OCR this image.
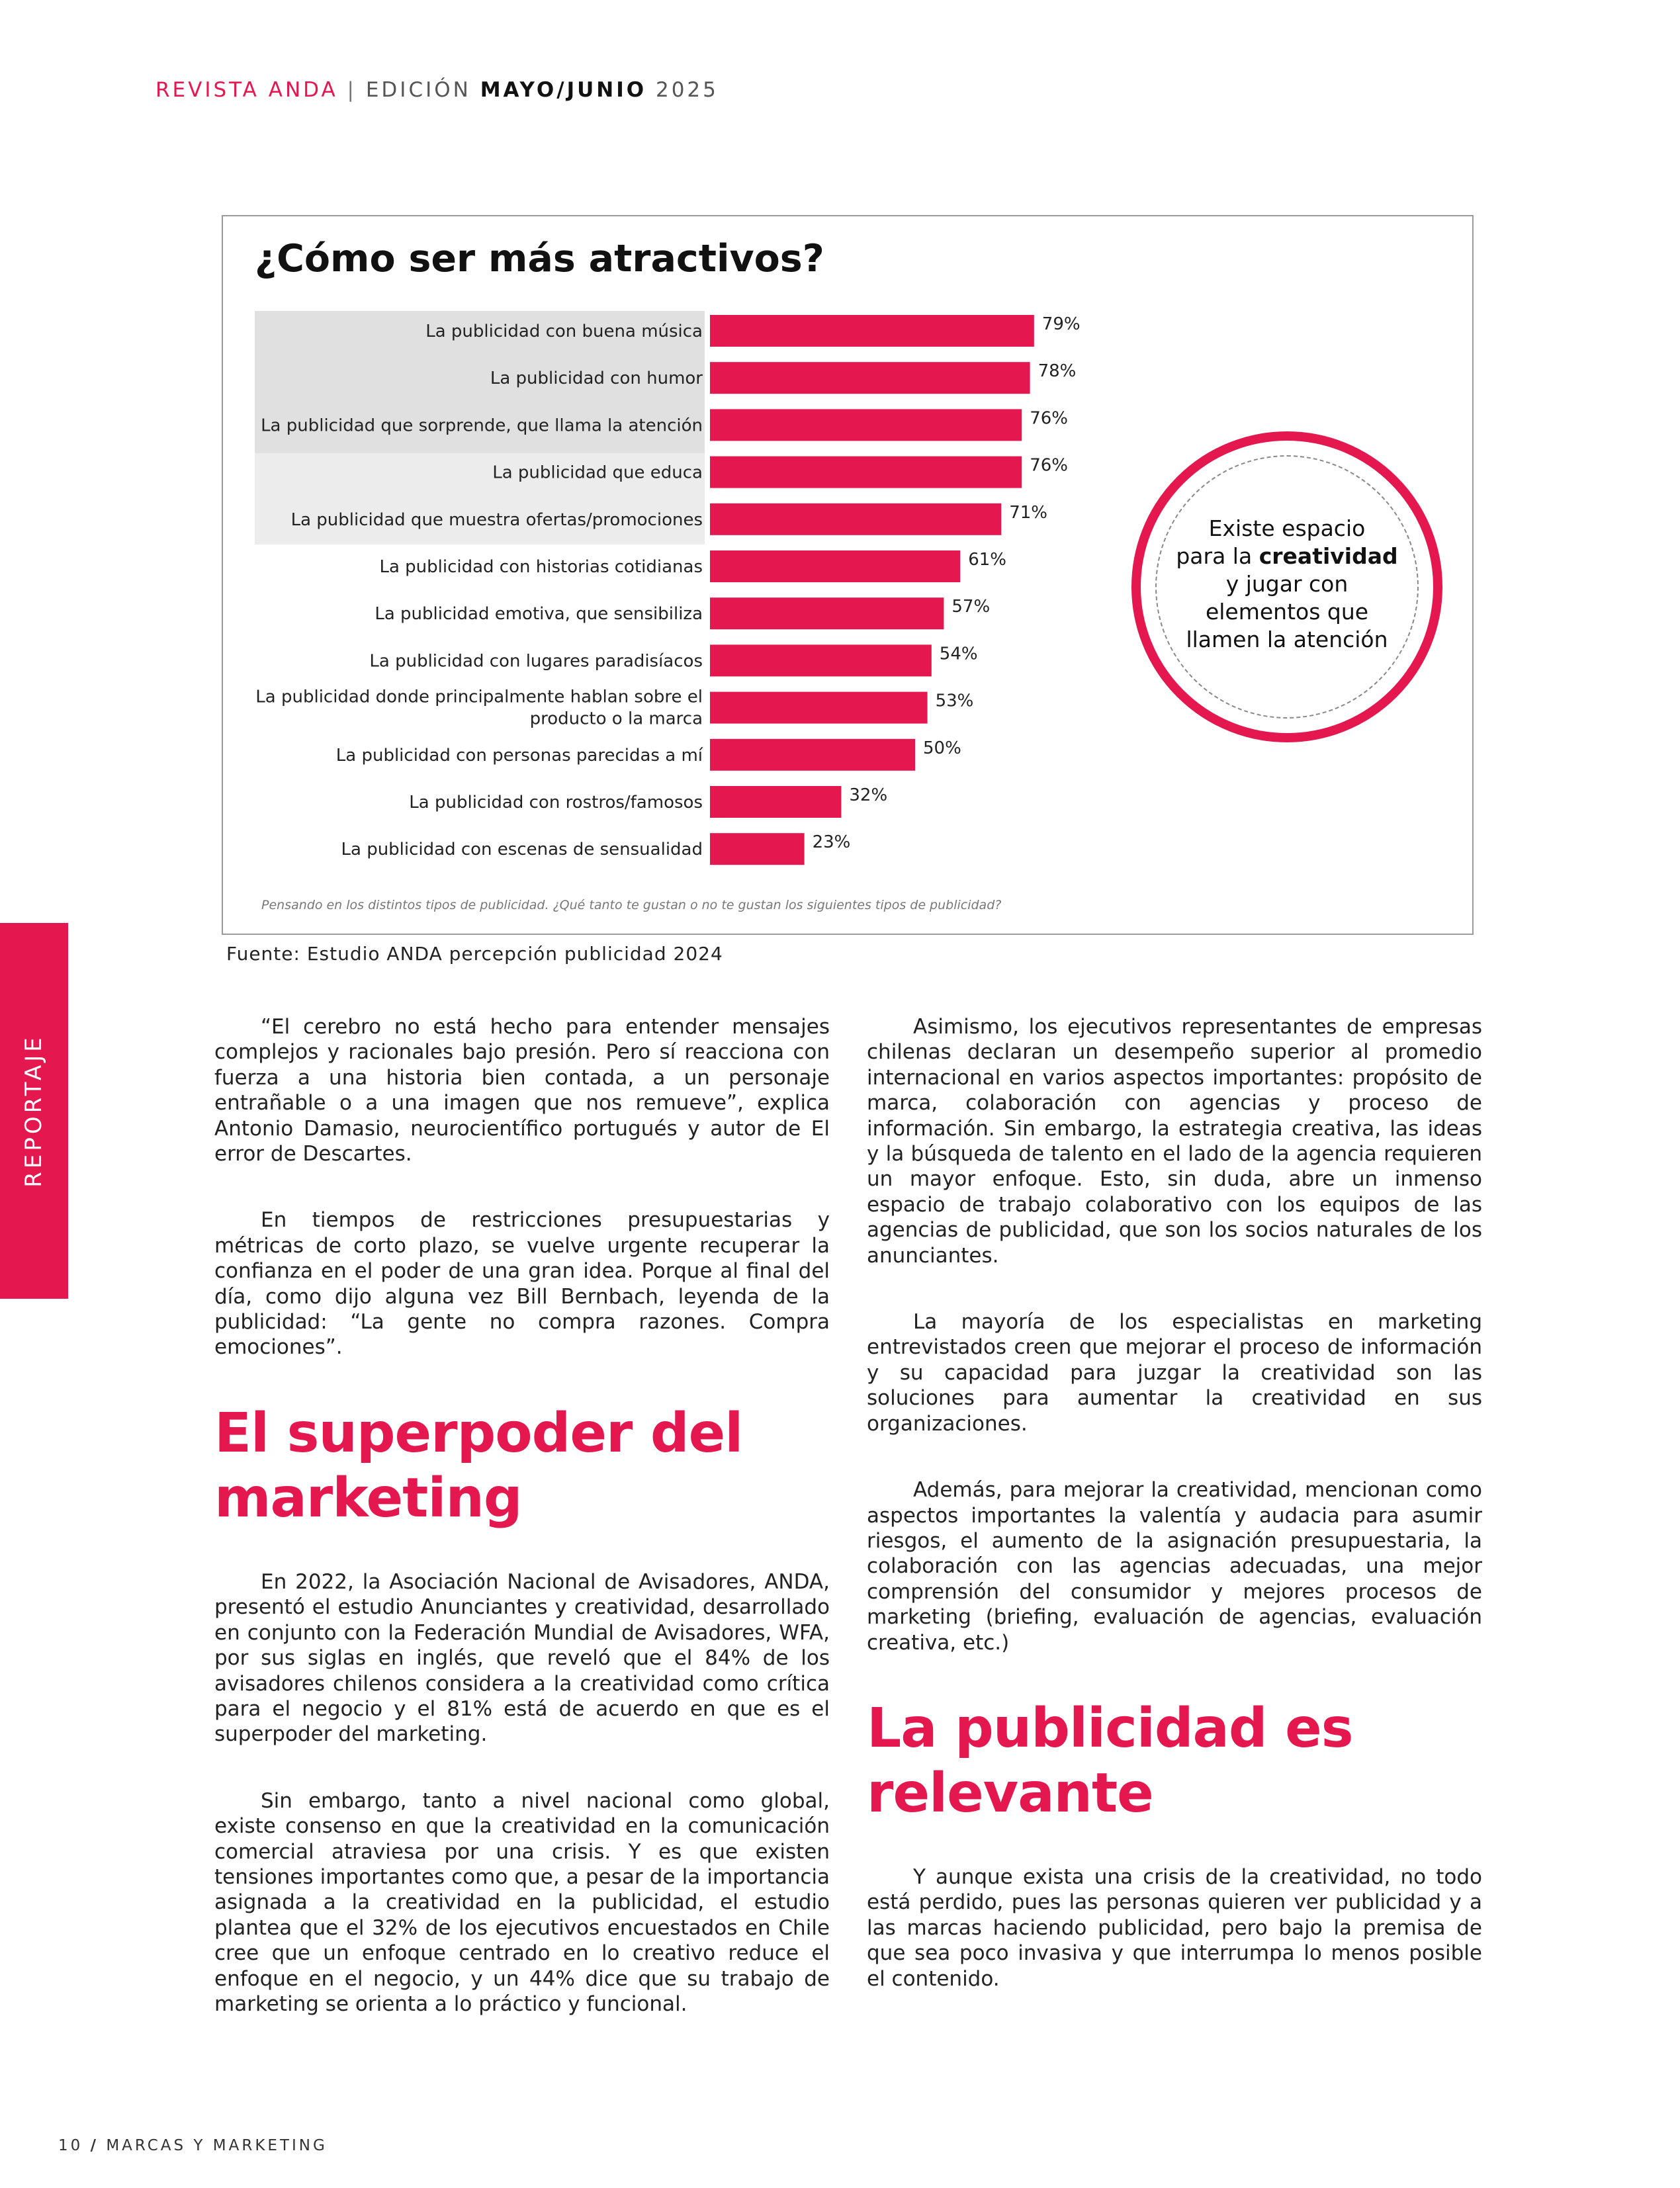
REVISTA ANDA | EDICIÓN MAYO/JUNIO 2025
¿Cómo ser más atractivos?
79%
La publicidad con buena música
78%
La publicidad con humor
76%
La publicidad que sorprende, que llama la atención
76%
La publicidad que educa
71%
La publicidad que muestra ofertas/promociones
61%
La publicidad con historias cotidianas
57%
La publicidad emotiva, que sensibiliza
54%
La publicidad con lugares paradisíacos
53%
La publicidad donde principalmente hablan sobre el producto o la marca
50%
La publicidad con personas parecidas a mí
32%
La publicidad con rostros/famosos
23%
La publicidad con escenas de sensualidad
Pensando en los distintos tipos de publicidad. ¿Qué tanto te gustan o no te gustan los siguientes tipos de publicidad?
Fuente: Estudio ANDA percepción publicidad 2024
Existe espacio
para la creatividad
y jugar con
elementos que
llamen la atención
REPORTAJE

“El cerebro no está hecho para entender mensajes complejos y racionales bajo presión. Pero sí reacciona con fuerza a una historia bien contada, a un personaje entrañable o a una imagen que nos remueve”, explica Antonio Damasio, neurocientífico portugués y autor de El error de Descartes.

En tiempos de restricciones presupuestarias y métricas de corto plazo, se vuelve urgente recuperar la confianza en el poder de una gran idea. Porque al final del día, como dijo alguna vez Bill Bernbach, leyenda de la publicidad: “La gente no compra razones. Compra emociones”.

El superpoder del marketing

En 2022, la Asociación Nacional de Avisadores, ANDA, presentó el estudio Anunciantes y creatividad, desarrollado en conjunto con la Federación Mundial de Avisadores, WFA, por sus siglas en inglés, que reveló que el 84% de los avisadores chilenos considera a la creatividad como crítica para el negocio y el 81% está de acuerdo en que es el superpoder del marketing.

Sin embargo, tanto a nivel nacional como global, existe consenso en que la creatividad en la comunicación comercial atraviesa por una crisis. Y es que existen tensiones importantes como que, a pesar de la importancia asignada a la creatividad en la publicidad, el estudio plantea que el 32% de los ejecutivos encuestados en Chile cree que un enfoque centrado en lo creativo reduce el enfoque en el negocio, y un 44% dice que su trabajo de marketing se orienta a lo práctico y funcional.

Asimismo, los ejecutivos representantes de empresas chilenas declaran un desempeño superior al promedio internacional en varios aspectos importantes: propósito de marca, colaboración con agencias y proceso de información. Sin embargo, la estrategia creativa, las ideas y la búsqueda de talento en el lado de la agencia requieren un mayor enfoque. Esto, sin duda, abre un inmenso espacio de trabajo colaborativo con los equipos de las agencias de publicidad, que son los socios naturales de los anunciantes.

La mayoría de los especialistas en marketing entrevistados creen que mejorar el proceso de información y su capacidad para juzgar la creatividad son las soluciones para aumentar la creatividad en sus organizaciones.

Además, para mejorar la creatividad, mencionan como aspectos importantes la valentía y audacia para asumir riesgos, el aumento de la asignación presupuestaria, la colaboración con las agencias adecuadas, una mejor comprensión del consumidor y mejores procesos de marketing (briefing, evaluación de agencias, evaluación creativa, etc.)

La publicidad es relevante

Y aunque exista una crisis de la creatividad, no todo está perdido, pues las personas quieren ver publicidad y a las marcas haciendo publicidad, pero bajo la premisa de que sea poco invasiva y que interrumpa lo menos posible el contenido.

10 / MARCAS Y MARKETING
